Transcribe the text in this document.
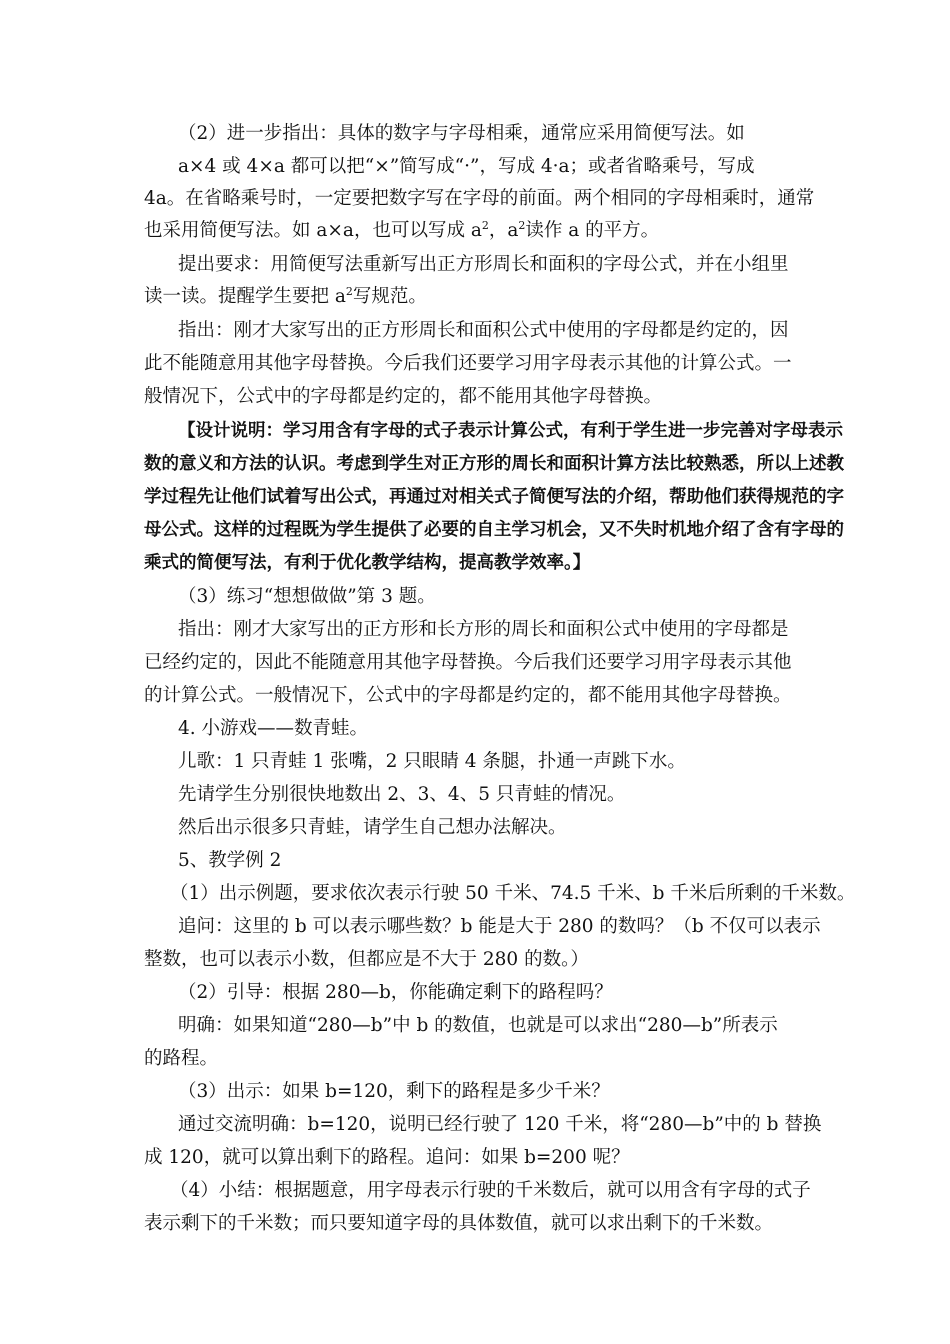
（2）进一步指出：具体的数字与字母相乘，通常应采用简便写法。如
a×4 或 4×a 都可以把“×”简写成“·”，写成 4·a；或者省略乘号，写成
4a。在省略乘号时，一定要把数字写在字母的前面。两个相同的字母相乘时，通常
也采用简便写法。如 a×a，也可以写成 $a^2$，$a^2$读作 a 的平方。
提出要求：用简便写法重新写出正方形周长和面积的字母公式，并在小组里
读一读。提醒学生要把 $a^2$写规范。
指出：刚才大家写出的正方形周长和面积公式中使用的字母都是约定的，因
此不能随意用其他字母替换。今后我们还要学习用字母表示其他的计算公式。一
般情况下，公式中的字母都是约定的，都不能用其他字母替换。
【设计说明：学习用含有字母的式子表示计算公式，有利于学生进一步完善对字母表示
数的意义和方法的认识。考虑到学生对正方形的周长和面积计算方法比较熟悉，所以上述教
学过程先让他们试着写出公式，再通过对相关式子简便写法的介绍，帮助他们获得规范的字
母公式。这样的过程既为学生提供了必要的自主学习机会，又不失时机地介绍了含有字母的
乘式的简便写法，有利于优化教学结构，提高教学效率。】
（3）练习“想想做做”第 3 题。
指出：刚才大家写出的正方形和长方形的周长和面积公式中使用的字母都是
已经约定的，因此不能随意用其他字母替换。今后我们还要学习用字母表示其他
的计算公式。一般情况下，公式中的字母都是约定的，都不能用其他字母替换。
4. 小游戏——数青蛙。
儿歌：1 只青蛙 1 张嘴，2 只眼睛 4 条腿，扑通一声跳下水。
先请学生分别很快地数出 2、3、4、5 只青蛙的情况。
然后出示很多只青蛙，请学生自己想办法解决。
5、教学例 2
（1）出示例题，要求依次表示行驶 50 千米、74.5 千米、b 千米后所剩的千米数。
追问：这里的 b 可以表示哪些数？b 能是大于 280 的数吗？（b 不仅可以表示
整数，也可以表示小数，但都应是不大于 280 的数。）
（2）引导：根据 280—b，你能确定剩下的路程吗？
明确：如果知道“280—b”中 b 的数值，也就是可以求出“280—b”所表示
的路程。
（3）出示：如果 b=120，剩下的路程是多少千米？
通过交流明确：b=120，说明已经行驶了 120 千米，将“280—b”中的 b 替换
成 120，就可以算出剩下的路程。追问：如果 b=200 呢？
（4）小结：根据题意，用字母表示行驶的千米数后，就可以用含有字母的式子
表示剩下的千米数；而只要知道字母的具体数值，就可以求出剩下的千米数。
